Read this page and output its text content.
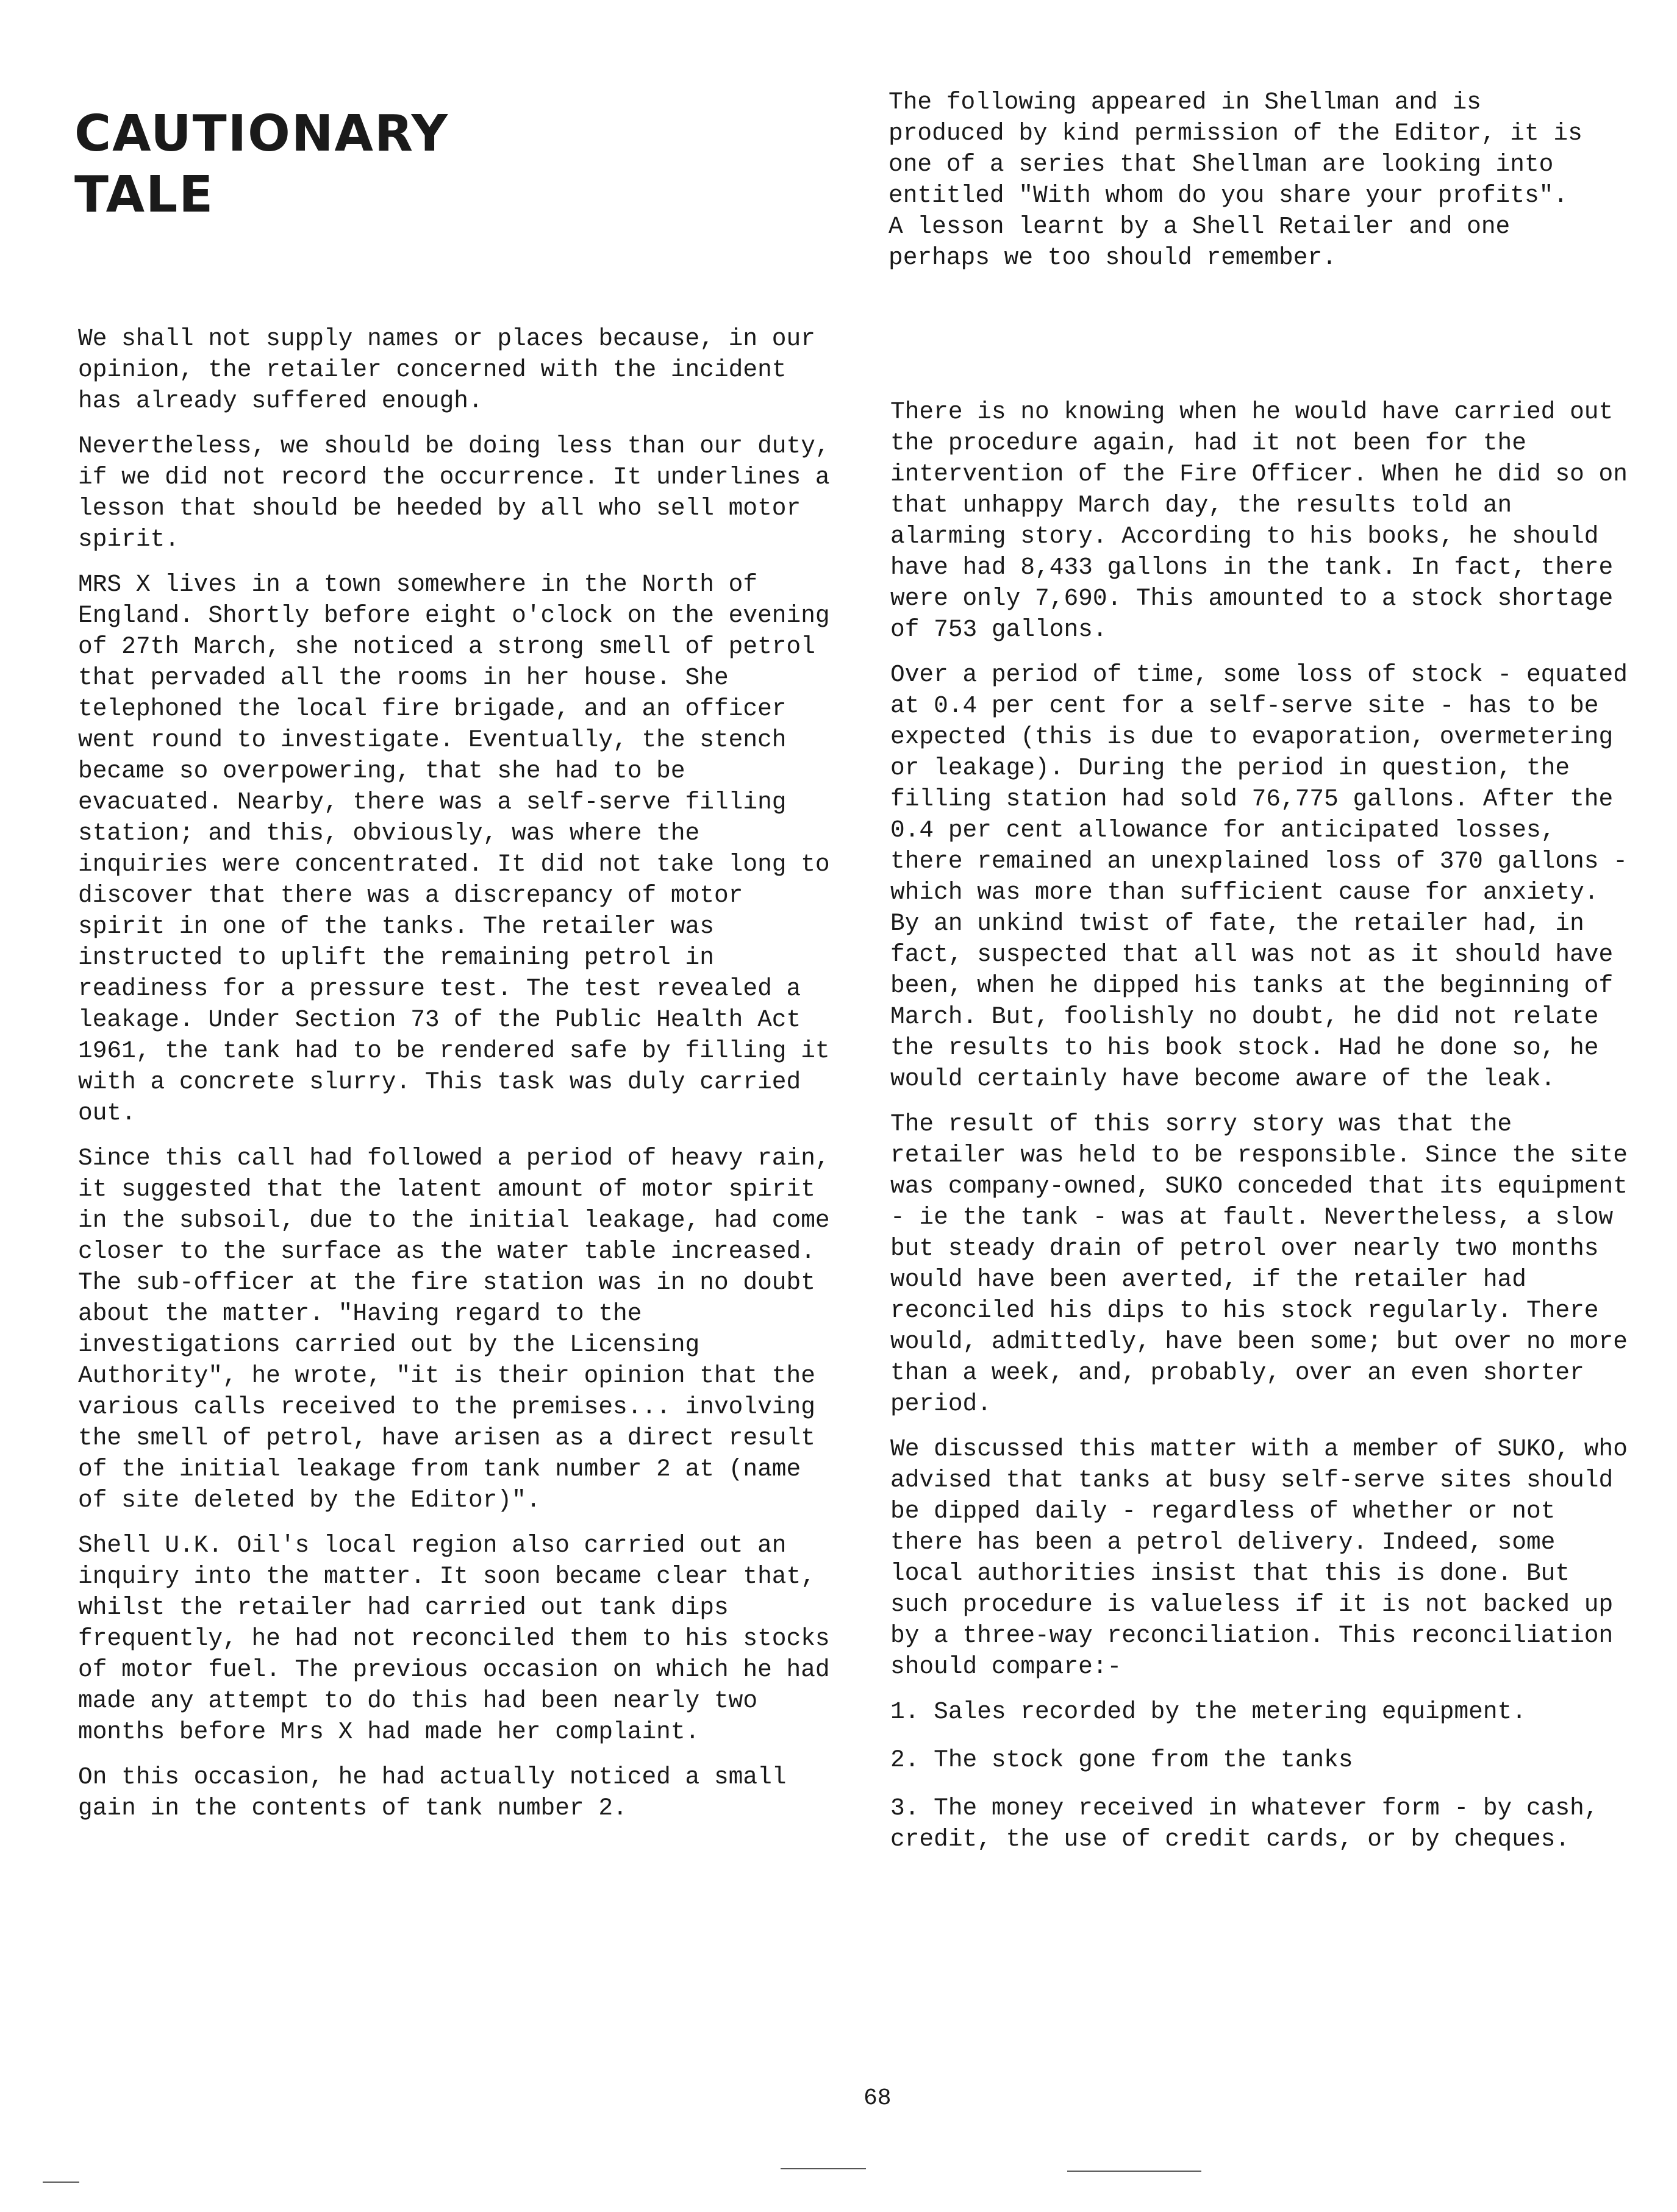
CAUTIONARY
TALE

The following appeared in Shellman and is produced by kind permission of the Editor, it is one of a series that Shellman are looking into entitled "With whom do you share your profits". A lesson learnt by a Shell Retailer and one perhaps we too should remember.

We shall not supply names or places because, in our opinion, the retailer concerned with the incident has already suffered enough.

Nevertheless, we should be doing less than our duty, if we did not record the occurrence. It underlines a lesson that should be heeded by all who sell motor spirit.

MRS X lives in a town somewhere in the North of England. Shortly before eight o'clock on the evening of 27th March, she noticed a strong smell of petrol that pervaded all the rooms in her house. She telephoned the local fire brigade, and an officer went round to investigate. Eventually, the stench became so overpowering, that she had to be evacuated. Nearby, there was a self-serve filling station; and this, obviously, was where the inquiries were concentrated. It did not take long to discover that there was a discrepancy of motor spirit in one of the tanks. The retailer was instructed to uplift the remaining petrol in readiness for a pressure test. The test revealed a leakage. Under Section 73 of the Public Health Act 1961, the tank had to be rendered safe by filling it with a concrete slurry. This task was duly carried out.

Since this call had followed a period of heavy rain, it suggested that the latent amount of motor spirit in the subsoil, due to the initial leakage, had come closer to the surface as the water table increased. The sub-officer at the fire station was in no doubt about the matter. "Having regard to the investigations carried out by the Licensing Authority", he wrote, "it is their opinion that the various calls received to the premises... involving the smell of petrol, have arisen as a direct result of the initial leakage from tank number 2 at (name of site deleted by the Editor)".

Shell U.K. Oil's local region also carried out an inquiry into the matter. It soon became clear that, whilst the retailer had carried out tank dips frequently, he had not reconciled them to his stocks of motor fuel. The previous occasion on which he had made any attempt to do this had been nearly two months before Mrs X had made her complaint.

On this occasion, he had actually noticed a small gain in the contents of tank number 2.

There is no knowing when he would have carried out the procedure again, had it not been for the intervention of the Fire Officer. When he did so on that unhappy March day, the results told an alarming story. According to his books, he should have had 8,433 gallons in the tank. In fact, there were only 7,690. This amounted to a stock shortage of 753 gallons.

Over a period of time, some loss of stock - equated at 0.4 per cent for a self-serve site - has to be expected (this is due to evaporation, overmetering or leakage). During the period in question, the filling station had sold 76,775 gallons. After the 0.4 per cent allowance for anticipated losses, there remained an unexplained loss of 370 gallons - which was more than sufficient cause for anxiety. By an unkind twist of fate, the retailer had, in fact, suspected that all was not as it should have been, when he dipped his tanks at the beginning of March. But, foolishly no doubt, he did not relate the results to his book stock. Had he done so, he would certainly have become aware of the leak.

The result of this sorry story was that the retailer was held to be responsible. Since the site was company-owned, SUKO conceded that its equipment - ie the tank - was at fault. Nevertheless, a slow but steady drain of petrol over nearly two months would have been averted, if the retailer had reconciled his dips to his stock regularly. There would, admittedly, have been some; but over no more than a week, and, probably, over an even shorter period.

We discussed this matter with a member of SUKO, who advised that tanks at busy self-serve sites should be dipped daily - regardless of whether or not there has been a petrol delivery. Indeed, some local authorities insist that this is done. But such procedure is valueless if it is not backed up by a three-way reconciliation. This reconciliation should compare:-

1. Sales recorded by the metering equipment.
2. The stock gone from the tanks
3. The money received in whatever form - by cash, credit, the use of credit cards, or by cheques.
68
